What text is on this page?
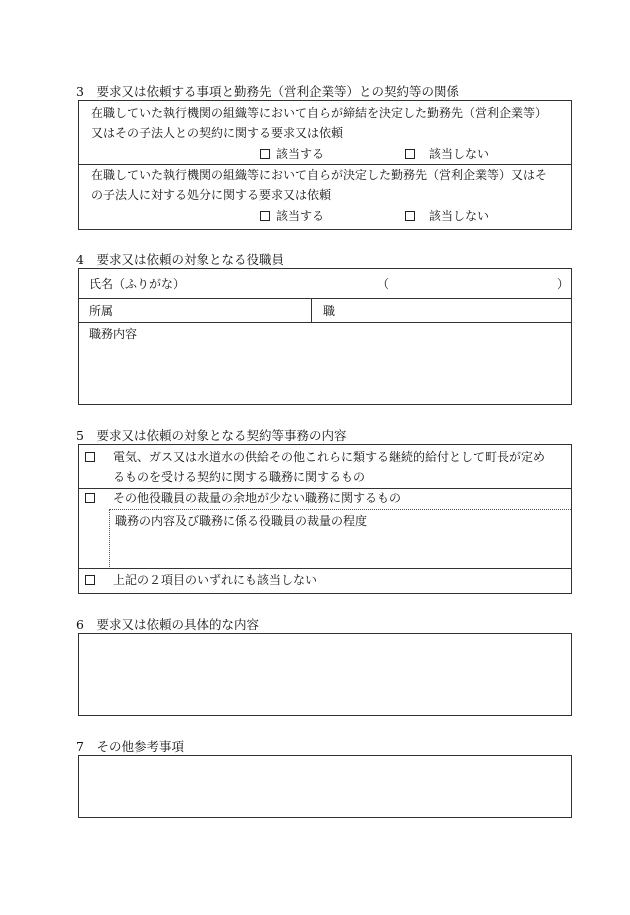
3　要求又は依頼する事項と勤務先（営利企業等）との契約等の関係
在職していた執行機関の組織等において自らが締結を決定した勤務先（営利企業等）
又はその子法人との契約に関する要求又は依頼
該当する	該当しない
在職していた執行機関の組織等において自らが決定した勤務先（営利企業等）又はそ
の子法人に対する処分に関する要求又は依頼
該当する	該当しない
4　要求又は依頼の対象となる役職員
氏名（ふりがな）	（	）
所属	職
職務内容
5　要求又は依頼の対象となる契約等事務の内容
電気、ガス又は水道水の供給その他これらに類する継続的給付として町長が定め
るものを受ける契約に関する職務に関するもの
その他役職員の裁量の余地が少ない職務に関するもの
職務の内容及び職務に係る役職員の裁量の程度
上記の２項目のいずれにも該当しない
6　要求又は依頼の具体的な内容
7　その他参考事項
